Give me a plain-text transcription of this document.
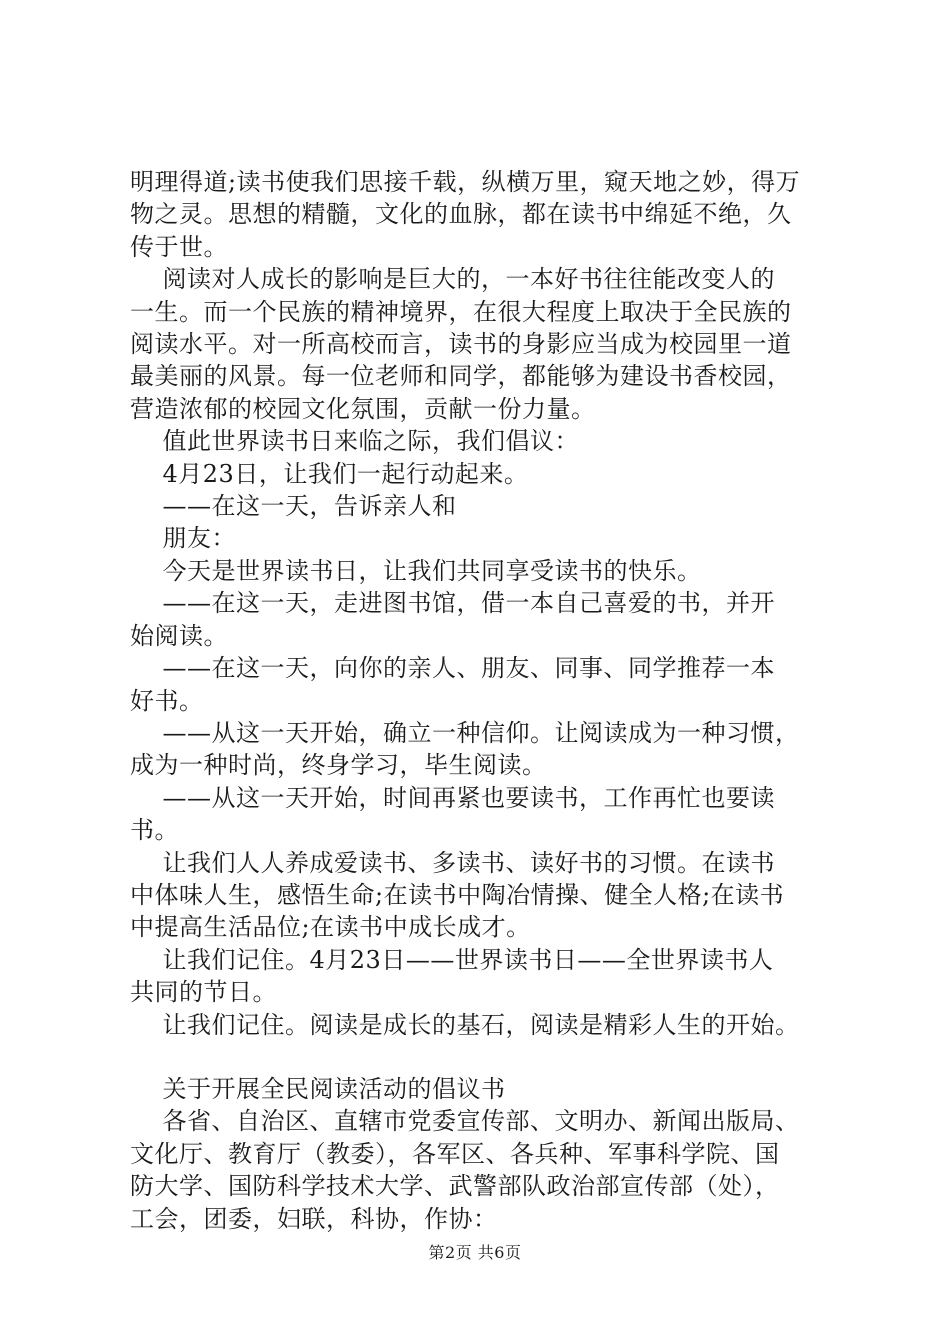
明理得道;读书使我们思接千载，纵横万里，窥天地之妙，得万

物之灵。思想的精髓，文化的血脉，都在读书中绵延不绝，久

传于世。

阅读对人成长的影响是巨大的，一本好书往往能改变人的

一生。而一个民族的精神境界，在很大程度上取决于全民族的

阅读水平。对一所高校而言，读书的身影应当成为校园里一道

最美丽的风景。每一位老师和同学，都能够为建设书香校园，

营造浓郁的校园文化氛围，贡献一份力量。

值此世界读书日来临之际，我们倡议：

4月23日，让我们一起行动起来。

——在这一天，告诉亲人和

朋友：

今天是世界读书日，让我们共同享受读书的快乐。

——在这一天，走进图书馆，借一本自己喜爱的书，并开

始阅读。

——在这一天，向你的亲人、朋友、同事、同学推荐一本

好书。

——从这一天开始，确立一种信仰。让阅读成为一种习惯，

成为一种时尚，终身学习，毕生阅读。

——从这一天开始，时间再紧也要读书，工作再忙也要读

书。

让我们人人养成爱读书、多读书、读好书的习惯。在读书

中体味人生，感悟生命;在读书中陶冶情操、健全人格;在读书

中提高生活品位;在读书中成长成才。

让我们记住。4月23日——世界读书日——全世界读书人

共同的节日。

让我们记住。阅读是成长的基石，阅读是精彩人生的开始。

关于开展全民阅读活动的倡议书

各省、自治区、直辖市党委宣传部、文明办、新闻出版局、

文化厅、教育厅（教委），各军区、各兵种、军事科学院、国

防大学、国防科学技术大学、武警部队政治部宣传部（处），

工会，团委，妇联，科协，作协：

第2页 共6页
